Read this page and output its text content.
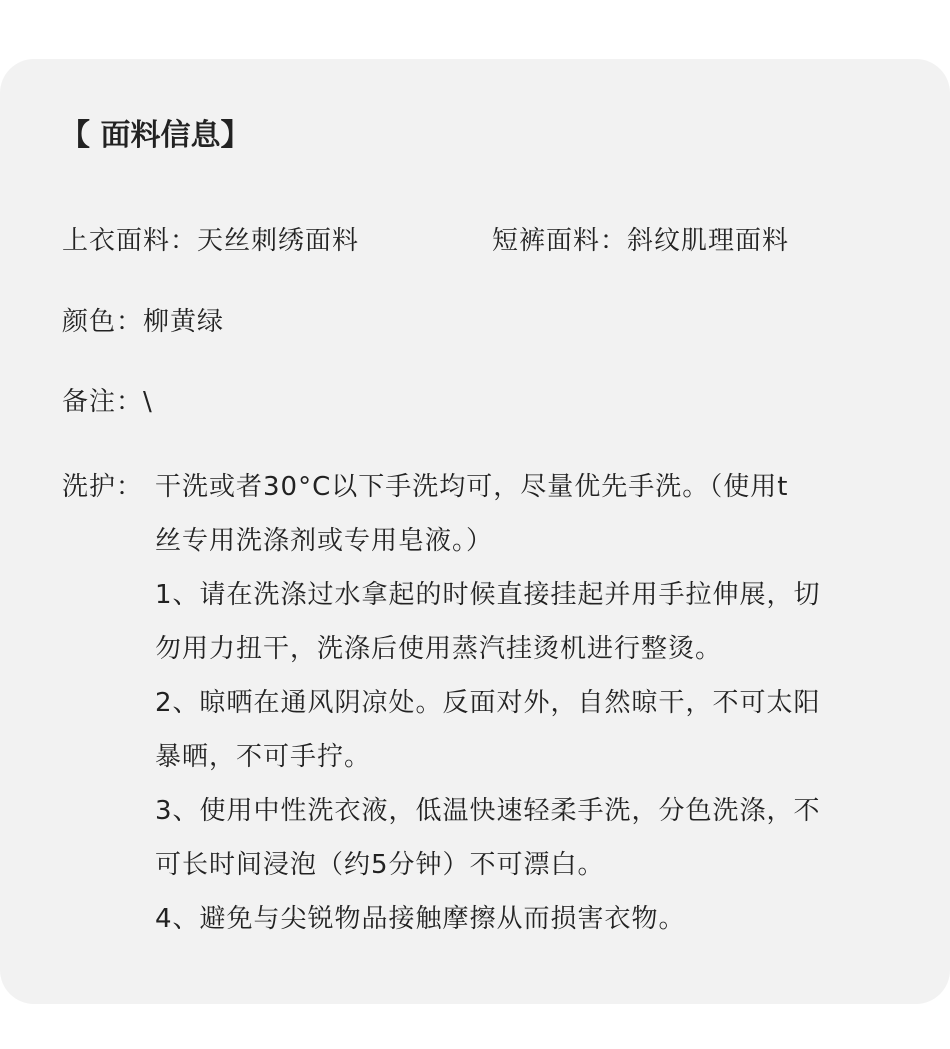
【 面料信息】
上衣面料：天丝刺绣面料	短裤面料：斜纹肌理面料
颜色：柳黄绿
备注：\
洗护： 干洗或者30°C以下手洗均可，尽量优先手洗。（使用t
丝专用洗涤剂或专用皂液。）
1、请在洗涤过水拿起的时候直接挂起并用手拉伸展，切
勿用力扭干，洗涤后使用蒸汽挂烫机进行整烫。
2、晾晒在通风阴凉处。反面对外，自然晾干，不可太阳
暴晒，不可手拧。
3、使用中性洗衣液，低温快速轻柔手洗，分色洗涤，不
可长时间浸泡（约5分钟）不可漂白。
4、避免与尖锐物品接触摩擦从而损害衣物。
